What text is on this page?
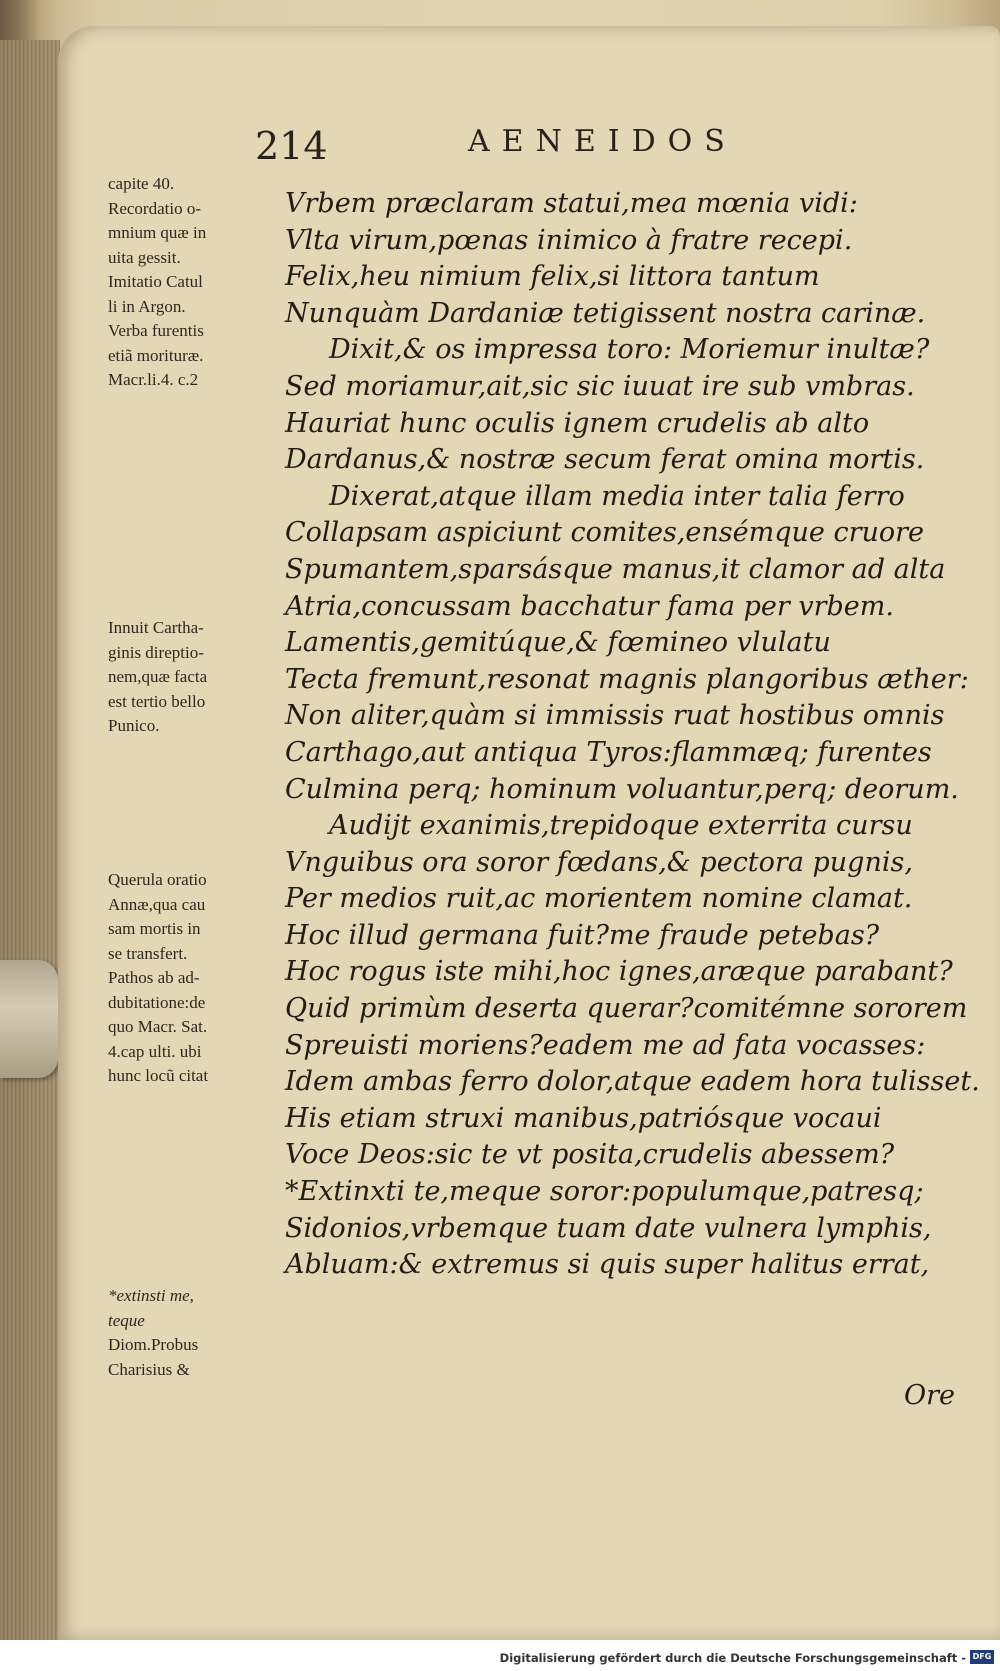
214	AENEIDOS
Vrbem præclaram statui,mea mœnia vidi:
Vlta virum,pœnas inimico à fratre recepi.
Felix,heu nimium felix,si littora tantum
Nunquàm Dardaniæ tetigissent nostra carinæ.
Dixit,& os impressa toro: Moriemur inultæ?
Sed moriamur,ait,sic sic iuuat ire sub vmbras.
Hauriat hunc oculis ignem crudelis ab alto
Dardanus,& nostræ secum ferat omina mortis.
Dixerat,atque illam media inter talia ferro
Collapsam aspiciunt comites,ensémque cruore
Spumantem,sparsásque manus,it clamor ad alta
Atria,concussam bacchatur fama per vrbem.
Lamentis,gemitúque,& fœmineo vlulatu
Tecta fremunt,resonat magnis plangoribus æther:
Non aliter,quàm si immissis ruat hostibus omnis
Carthago,aut antiqua Tyros:flammæq; furentes
Culmina perq; hominum voluantur,perq; deorum.
Audijt exanimis,trepidoque exterrita cursu
Vnguibus ora soror fœdans,& pectora pugnis,
Per medios ruit,ac morientem nomine clamat.
Hoc illud germana fuit?me fraude petebas?
Hoc rogus iste mihi,hoc ignes,aræque parabant?
Quid primùm deserta querar?comitémne sororem
Spreuisti moriens?eadem me ad fata vocasses:
Idem ambas ferro dolor,atque eadem hora tulisset.
His etiam struxi manibus,patriósque vocaui
Voce Deos:sic te vt posita,crudelis abessem?
*Extinxti te,meque soror:populumque,patresq;
Sidonios,vrbemque tuam date vulnera lymphis,
Abluam:& extremus si quis super halitus errat,
Ore
capite 40.
Recordatio o-
mnium quæ in
uita gessit.
Imitatio Catul
li in Argon.
Verba furentis
etiã morituræ.
Macr.li.4. c.2
Innuit Cartha-
ginis direptio-
nem,quæ facta
est tertio bello
Punico.
Querula oratio
Annæ,qua cau
sam mortis in
se transfert.
Pathos ab ad-
dubitatione:de
quo Macr. Sat.
4.cap ulti. ubi
hunc locũ citat
*extinsti me,
teque
Diom.Probus
Charisius &
Digitalisierung gefördert durch die Deutsche Forschungsgemeinschaft - DFG
